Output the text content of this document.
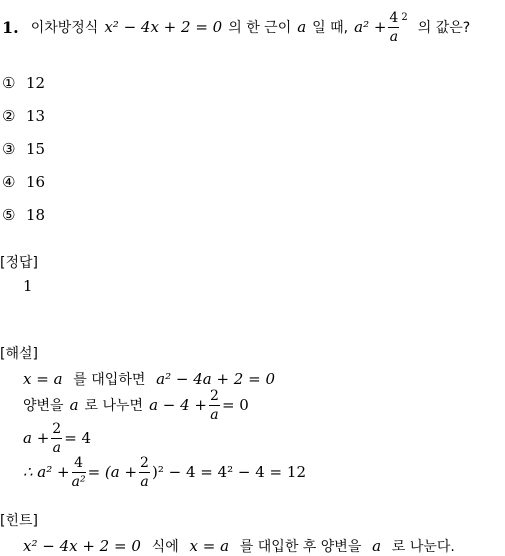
1. 이차방정식 x² − 4x + 2 = 0 의 한 근이 a 일 때, $a^2 + \frac{4}{a} 2$
의 값은?
① 12
② 13
③ 15
④ 16
⑤ 18
[정답]
1
[해설]
x = a 를 대입하면 a² − 4a + 2 = 0
양변을 a 로 나누면 $a - 4 + \frac{2}{a} = 0$
$a + \frac{2}{a} = 4$
∴ $a^2 + \frac{4}{\text{a²}} = (a + \frac{2}{a} )^2 - 4 = 4^2 - 4 = 12$
[힌트]
x² − 4x + 2 = 0 식에 x = a 를 대입한 후 양변을 a 로 나눈다.
